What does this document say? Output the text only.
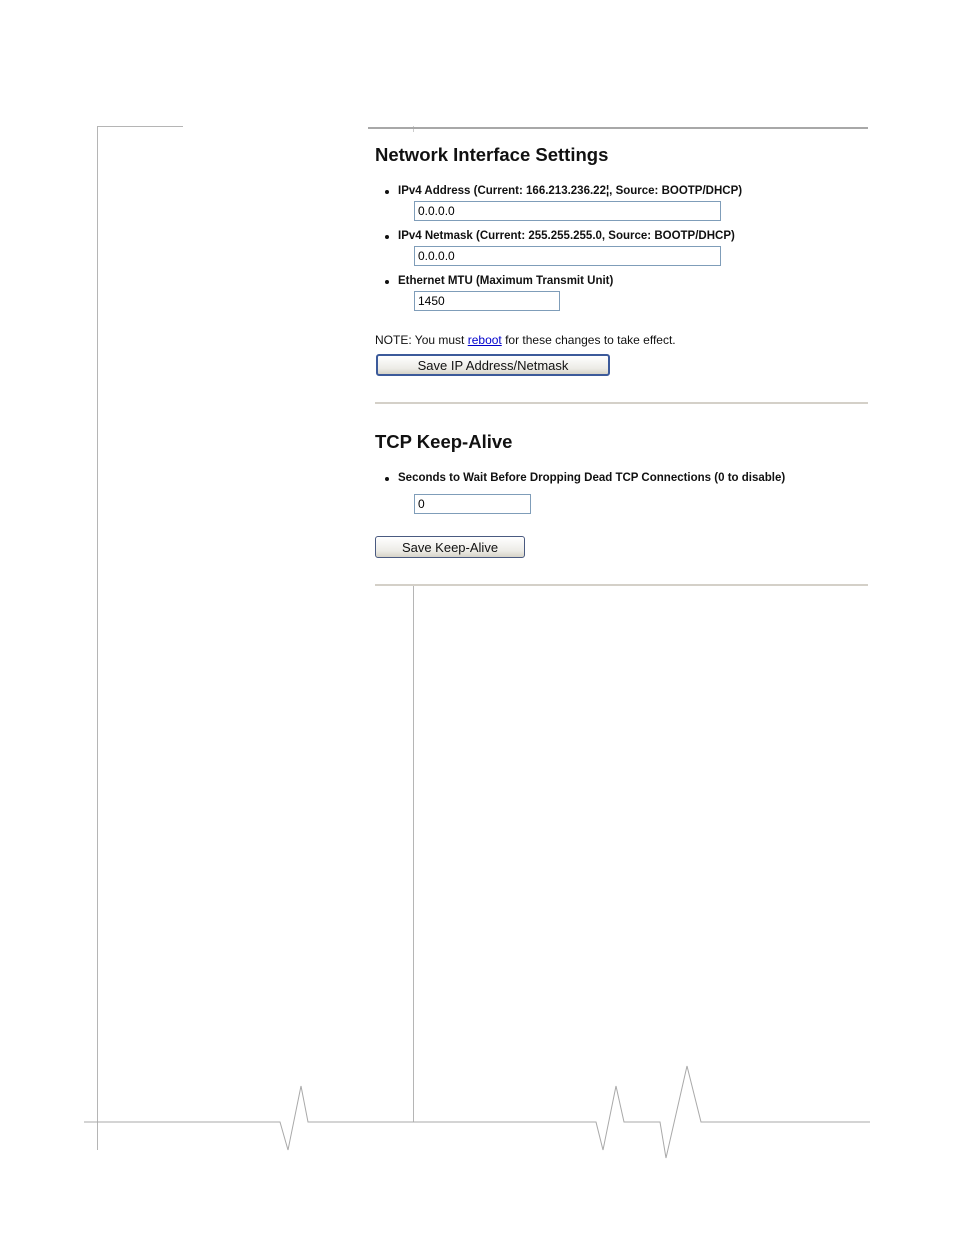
Network Interface Settings
IPv4 Address (Current: 166.213.236.22¦, Source: BOOTP/DHCP)
0.0.0.0
IPv4 Netmask (Current: 255.255.255.0, Source: BOOTP/DHCP)
0.0.0.0
Ethernet MTU (Maximum Transmit Unit)
1450
NOTE: You must reboot for these changes to take effect.
Save IP Address/Netmask
TCP Keep-Alive
Seconds to Wait Before Dropping Dead TCP Connections (0 to disable)
0
Save Keep-Alive
